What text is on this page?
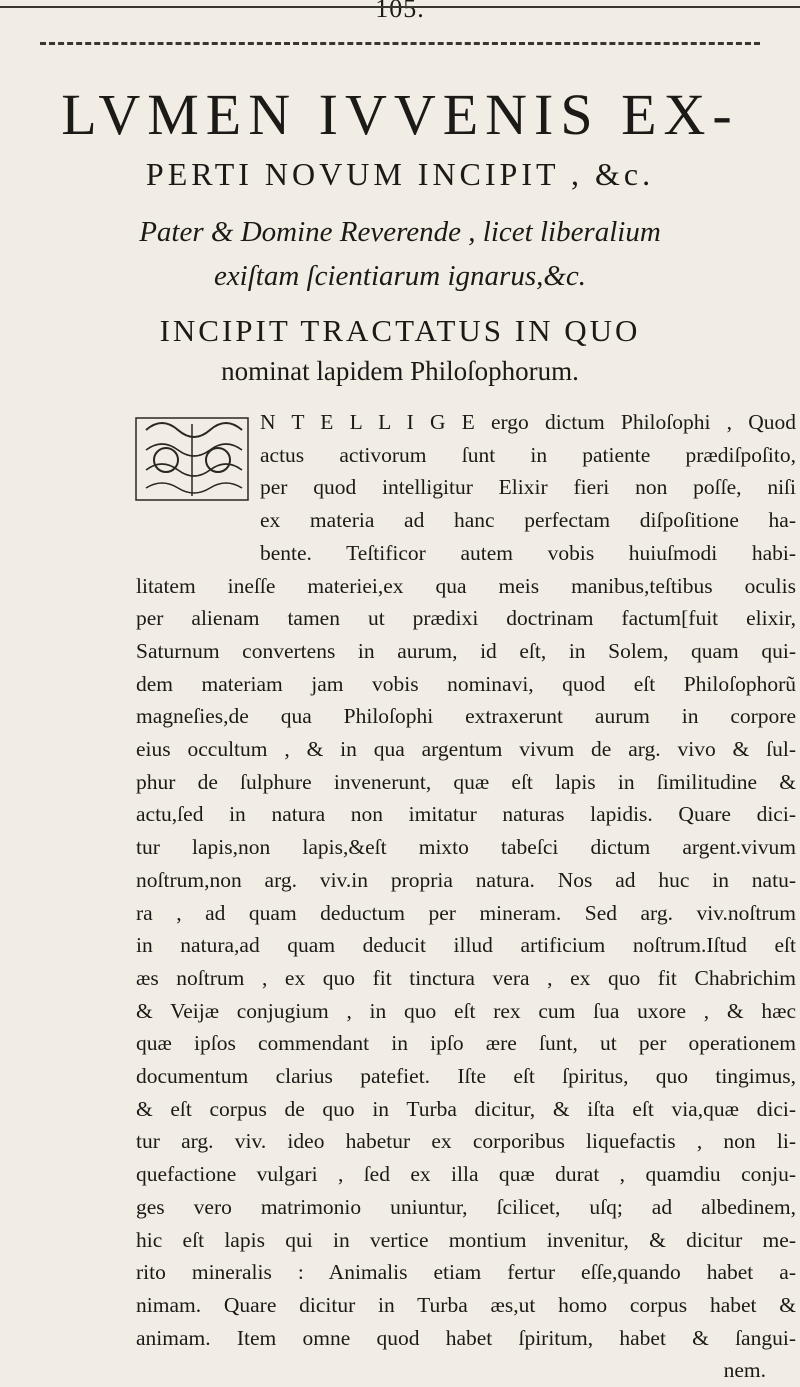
105.
LVMEN IVVENIS EX-
PERTI NOVUM INCIPIT , &c.
Pater & Domine Reverende , licet liberalium
exiſtam ſcientiarum ignarus,&c.
INCIPIT TRACTATUS IN QUO
nominat lapidem Philoſophorum.
N T E L L I G E ergo dictum Philoſophi , Quod
actus activorum ſunt in patiente prædiſpoſito,
per quod intelligitur Elixir fieri non poſſe, niſi
ex materia ad hanc perfectam diſpoſitione ha-
bente. Teſtificor autem vobis huiuſmodi habi-
litatem ineſſe materiei,ex qua meis manibus,teſtibus oculis
per alienam tamen ut prædixi doctrinam factum[fuit elixir,
Saturnum convertens in aurum, id eſt, in Solem, quam qui-
dem materiam jam vobis nominavi, quod eſt Philoſophorũ
magneſies,de qua Philoſophi extraxerunt aurum in corpore
eius occultum , & in qua argentum vivum de arg. vivo & ſul-
phur de ſulphure invenerunt, quæ eſt lapis in ſimilitudine &
actu,ſed in natura non imitatur naturas lapidis. Quare dici-
tur lapis,non lapis,&eſt mixto tabeſci dictum argent.vivum
noſtrum,non arg. viv.in propria natura. Nos ad huc in natu-
ra , ad quam deductum per mineram. Sed arg. viv.noſtrum
in natura,ad quam deducit illud artificium noſtrum.Iſtud eſt
æs noſtrum , ex quo fit tinctura vera , ex quo fit Chabrichim
& Veijæ conjugium , in quo eſt rex cum ſua uxore , & hæc
quæ ipſos commendant in ipſo ære ſunt, ut per operationem
documentum clarius patefiet. Iſte eſt ſpiritus, quo tingimus,
& eſt corpus de quo in Turba dicitur, & iſta eſt via,quæ dici-
tur arg. viv. ideo habetur ex corporibus liquefactis , non li-
quefactione vulgari , ſed ex illa quæ durat , quamdiu conju-
ges vero matrimonio uniuntur, ſcilicet, uſq; ad albedinem,
hic eſt lapis qui in vertice montium invenitur, & dicitur me-
rito mineralis : Animalis etiam fertur eſſe,quando habet a-
nimam. Quare dicitur in Turba æs,ut homo corpus habet &
animam. Item omne quod habet ſpiritum, habet & ſangui-
nem.
